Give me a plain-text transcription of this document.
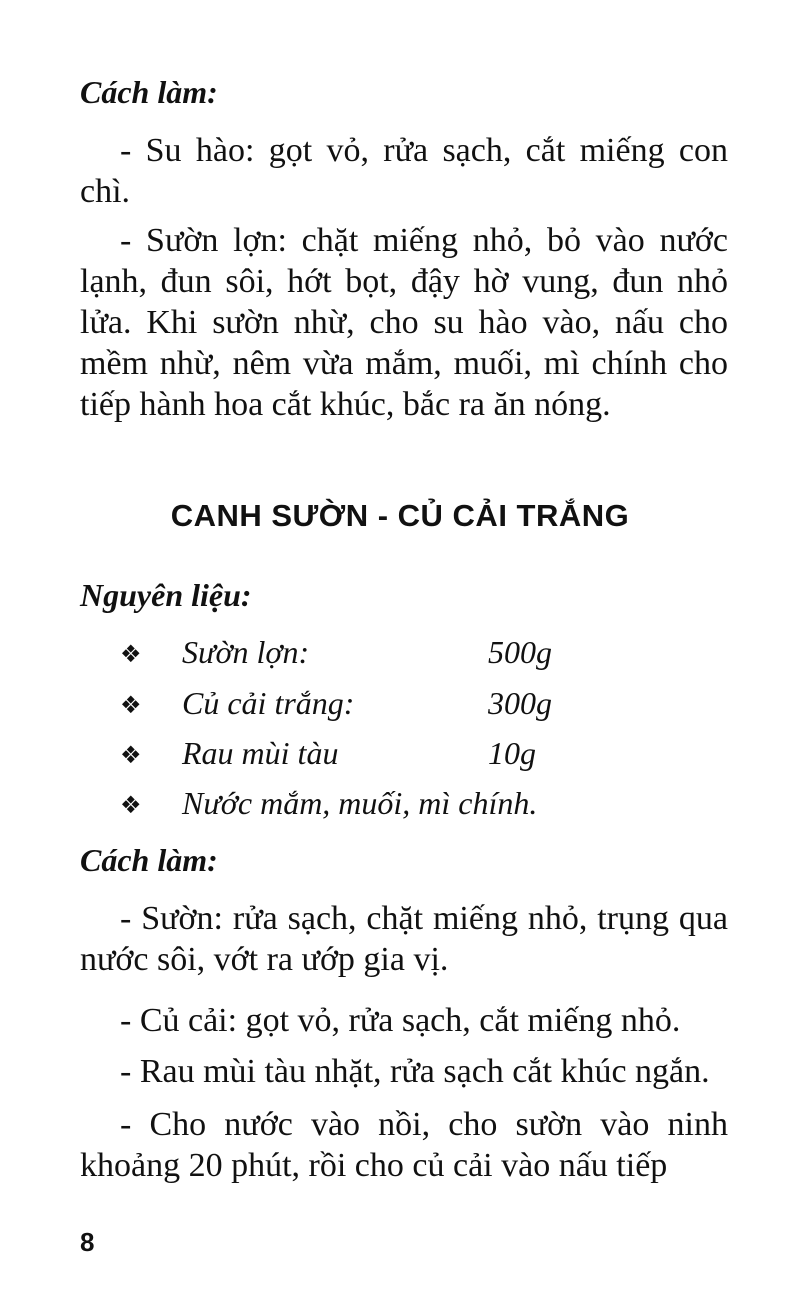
Cách làm:
- Su hào: gọt vỏ, rửa sạch, cắt miếng con chì.
- Sườn lợn: chặt miếng nhỏ, bỏ vào nước lạnh, đun sôi, hớt bọt, đậy hờ vung, đun nhỏ lửa. Khi sườn nhừ, cho su hào vào, nấu cho mềm nhừ, nêm vừa mắm, muối, mì chính cho tiếp hành hoa cắt khúc, bắc ra ăn nóng.
CANH SƯỜN - CỦ CẢI TRẮNG
Nguyên liệu:
❖ Sườn lợn:	500g
❖ Củ cải trắng:	300g
❖ Rau mùi tàu	10g
❖ Nước mắm, muối, mì chính.
Cách làm:
- Sườn: rửa sạch, chặt miếng nhỏ, trụng qua nước sôi, vớt ra ướp gia vị.
- Củ cải: gọt vỏ, rửa sạch, cắt miếng nhỏ.
- Rau mùi tàu nhặt, rửa sạch cắt khúc ngắn.
- Cho nước vào nồi, cho sườn vào ninh khoảng 20 phút, rồi cho củ cải vào nấu tiếp
8
